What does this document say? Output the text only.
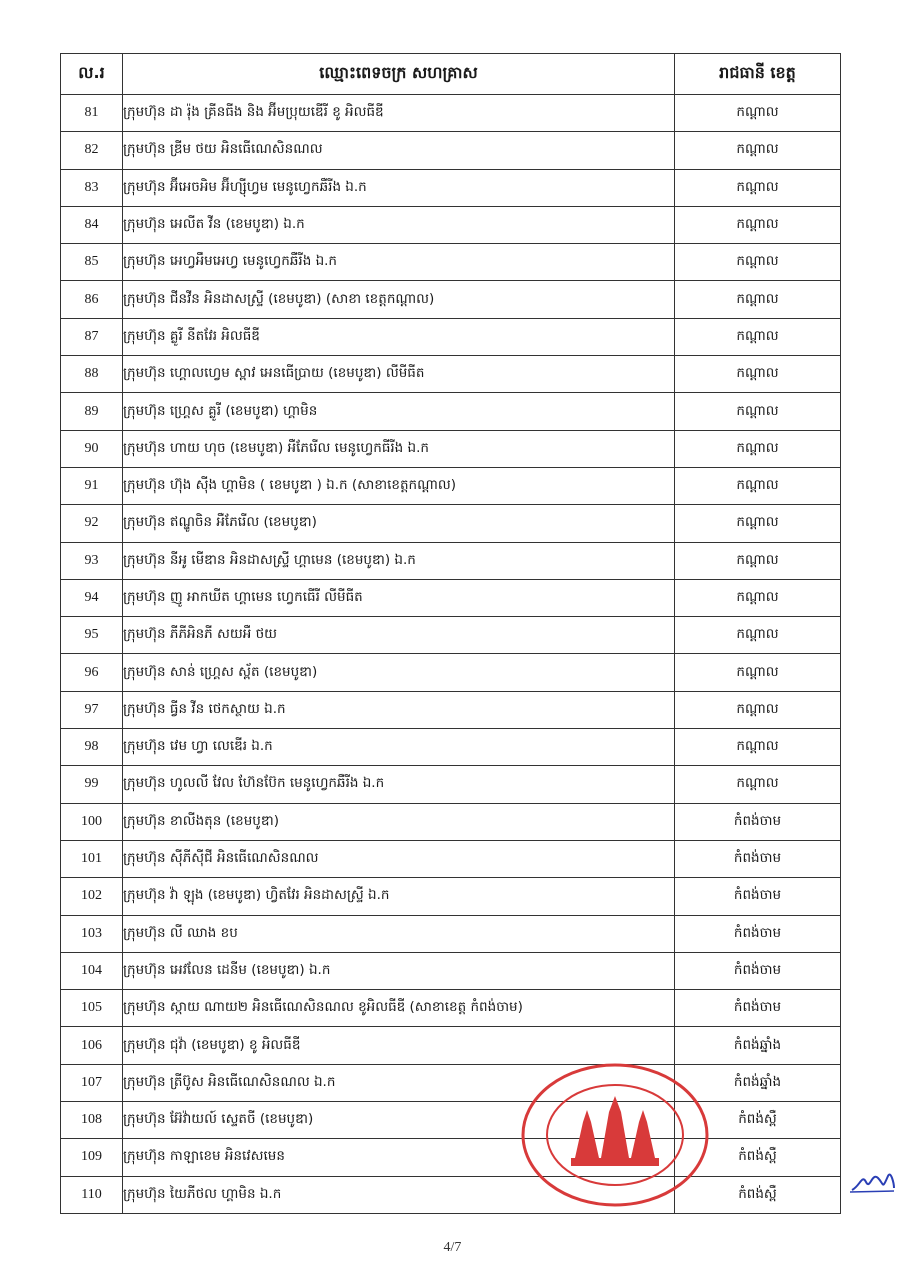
ល.រ	ឈ្មោះពេទចក្រ សហគ្រាស	រាជធានី ខេត្ត
81	ក្រុមហ៊ុន ដា រ៉ុង គ្រីនធីង និង អ៊ីមប្រុយឌើរី ខូ អិលធីឌី	កណ្តាល
82	ក្រុមហ៊ុន ឌ្រីម ថយ អិនធើណេសិនណល	កណ្តាល
83	ក្រុមហ៊ុន អ៊ីអេចអិម អ៊ីហ្ស៊ីហ្វម មេនូហ្វេកឆឺរីង ឯ.ក	កណ្តាល
84	ក្រុមហ៊ុន អេលីត វីន (ខេមបូឌា) ឯ.ក	កណ្តាល
85	ក្រុមហ៊ុន អេហ្វអឹមអេហ្វ មេនូហ្វេកឆឺរីង ឯ.ក	កណ្តាល
86	ក្រុមហ៊ុន ជីនវីន អិនដាសស្ទ្រី (ខេមបូឌា) (សាខា ខេត្តកណ្តាល)	កណ្តាល
87	ក្រុមហ៊ុន គ្លូរី នីតវែរ អិលធីឌី	កណ្តាល
88	ក្រុមហ៊ុន ហ្គោលហ្វេម ស្ពាវ អេនធើប្រាយ (ខេមបូឌា) លីមីធីត	កណ្តាល
89	ក្រុមហ៊ុន ហ្គ្រេស គ្លូរី (ខេមបូឌា) ហ្គាមិន	កណ្តាល
90	ក្រុមហ៊ុន ហាយ ហុច (ខេមបូឌា) អឺភែរើល មេនូហ្វេកធីរីង ឯ.ក	កណ្តាល
91	ក្រុមហ៊ុន ហ៊ុង ស៊ីង ហ្គាមិន ( ខេមបូឌា ) ឯ.ក (សាខាខេត្តកណ្តាល)	កណ្តាល
92	ក្រុមហ៊ុន ឥណ្ឌូចិន អឺភែរើល (ខេមបូឌា)	កណ្តាល
93	ក្រុមហ៊ុន នីអូ មើឌាន អិនដាសស្ទ្រី ហ្គាមេន (ខេមបូឌា) ឯ.ក	កណ្តាល
94	ក្រុមហ៊ុន ញូ អាកឃីត ហ្គាមេន ហ្វេកធើរី លីមីធីត	កណ្តាល
95	ក្រុមហ៊ុន ភីភីអិនភី សយអឺ ថយ	កណ្តាល
96	ក្រុមហ៊ុន សាន់ ហ្គ្រេស ស្ព័ត (ខេមបូឌា)	កណ្តាល
97	ក្រុមហ៊ុន ធ្វីន វីន ថេកស្ថាយ ឯ.ក	កណ្តាល
98	ក្រុមហ៊ុន វេម ហ្វា លេឌើរ ឯ.ក	កណ្តាល
99	ក្រុមហ៊ុន ហូលលី វែល ហ៊ែនប៊ែក មេនូហ្វេកឆឺរីង ឯ.ក	កណ្តាល
100	ក្រុមហ៊ុន ខាលីងតុន (ខេមបូឌា)	កំពង់ចាម
101	ក្រុមហ៊ុន ស៊ីភីស៊ីជី អិនធើណេសិនណល	កំពង់ចាម
102	ក្រុមហ៊ុន វ៉ា ឡុង (ខេមបូឌា) ហ្វិតវែរ អិនដាសស្ទ្រី ឯ.ក	កំពង់ចាម
103	ក្រុមហ៊ុន លី ឈាង ខប	កំពង់ចាម
104	ក្រុមហ៊ុន អេវលែន ដេនីម (ខេមបូឌា) ឯ.ក	កំពង់ចាម
105	ក្រុមហ៊ុន ស្កាយ ណាយ២ អិនធើណេសិនណល ខូអិលធីឌី (សាខាខេត្ត កំពង់ចាម)	កំពង់ចាម
106	ក្រុមហ៊ុន ជុវ៉ា (ខេមបូឌា) ខូ អិលធីឌី	កំពង់ឆ្នាំង
107	ក្រុមហ៊ុន ត្រីប៊ូស អិនធើណេសិនណល ឯ.ក	កំពង់ឆ្នាំង
108	ក្រុមហ៊ុន អ៊ែវ៉ាយល៍ ស្ទេតចី (ខេមបូឌា)	កំពង់ស្ពឺ
109	ក្រុមហ៊ុន កាឡាខេម អិនវេសមេន	កំពង់ស្ពឺ
110	ក្រុមហ៊ុន យៃភីថល ហ្គាមិន ឯ.ក	កំពង់ស្ពឺ
4/7
